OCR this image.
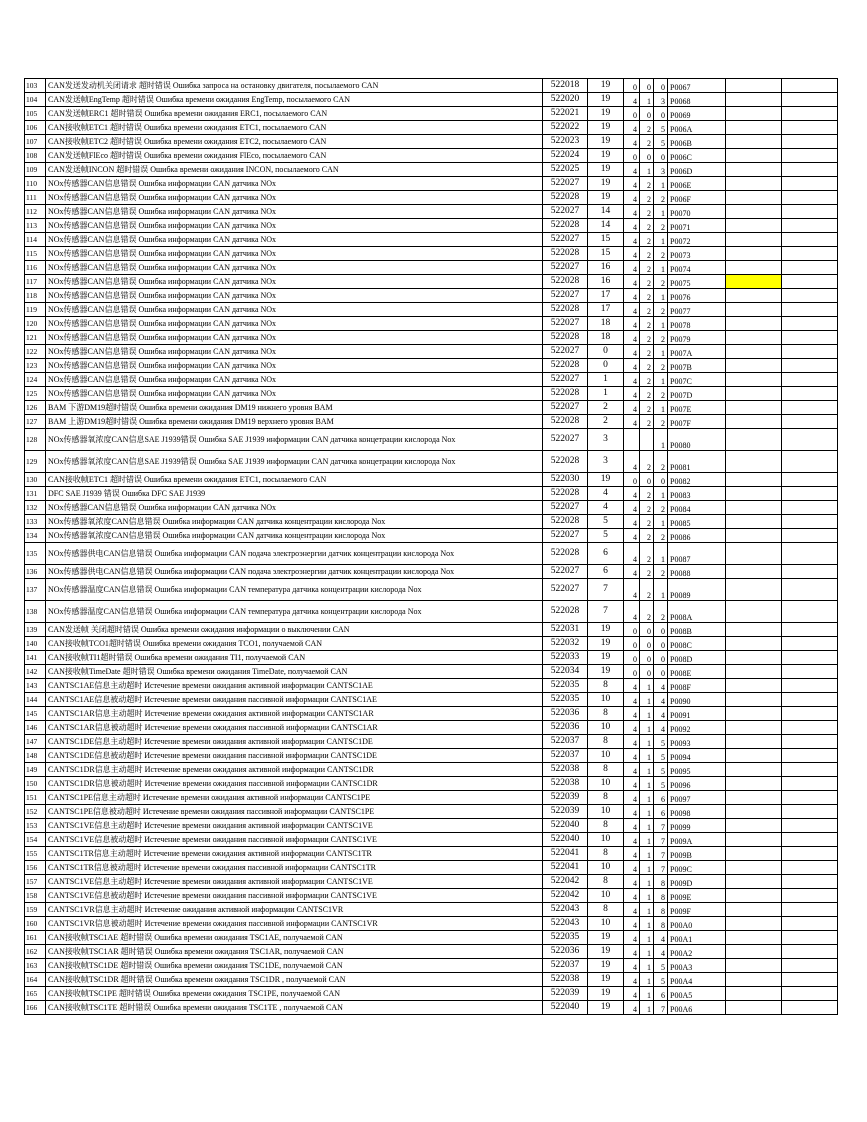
103	CAN发送发动机关闭请求 超时错误 Ошибка запроса на остановку двигателя, посылаемого CAN	522018	19	0	0	0	P0067		
104	CAN发送帧EngTemp 超时错误 Ошибка времени ожидания EngTemp, посылаемого CAN	522020	19	4	1	3	P0068		
105	CAN发送帧ERC1 超时错误 Ошибка времени ожидания ERC1, посылаемого CAN	522021	19	0	0	0	P0069		
106	CAN接收帧ETC1 超时错误 Ошибка времени ожидания ETC1, посылаемого CAN	522022	19	4	2	5	P006A		
107	CAN接收帧ETC2 超时错误 Ошибка времени ожидания ETC2, посылаемого CAN	522023	19	4	2	5	P006B		
108	CAN发送帧FlEco 超时错误 Ошибка времени ожидания FlEco, посылаемого CAN	522024	19	0	0	0	P006C		
109	CAN发送帧INCON 超时错误 Ошибка времени ожидания INCON, посылаемого CAN	522025	19	4	1	3	P006D		
110	NOx传感器CAN信息错误 Ошибка информации CAN датчика NOx	522027	19	4	2	1	P006E		
111	NOx传感器CAN信息错误 Ошибка информации CAN датчика NOx	522028	19	4	2	2	P006F		
112	NOx传感器CAN信息错误 Ошибка информации CAN датчика NOx	522027	14	4	2	1	P0070		
113	NOx传感器CAN信息错误 Ошибка информации CAN датчика NOx	522028	14	4	2	2	P0071		
114	NOx传感器CAN信息错误 Ошибка информации CAN датчика NOx	522027	15	4	2	1	P0072		
115	NOx传感器CAN信息错误 Ошибка информации CAN датчика NOx	522028	15	4	2	2	P0073		
116	NOx传感器CAN信息错误 Ошибка информации CAN датчика NOx	522027	16	4	2	1	P0074		
117	NOx传感器CAN信息错误 Ошибка информации CAN датчика NOx	522028	16	4	2	2	P0075		
118	NOx传感器CAN信息错误 Ошибка информации CAN датчика NOx	522027	17	4	2	1	P0076		
119	NOx传感器CAN信息错误 Ошибка информации CAN датчика NOx	522028	17	4	2	2	P0077		
120	NOx传感器CAN信息错误 Ошибка информации CAN датчика NOx	522027	18	4	2	1	P0078		
121	NOx传感器CAN信息错误 Ошибка информации CAN датчика NOx	522028	18	4	2	2	P0079		
122	NOx传感器CAN信息错误 Ошибка информации CAN датчика NOx	522027	0	4	2	1	P007A		
123	NOx传感器CAN信息错误 Ошибка информации CAN датчика NOx	522028	0	4	2	2	P007B		
124	NOx传感器CAN信息错误 Ошибка информации CAN датчика NOx	522027	1	4	2	1	P007C		
125	NOx传感器CAN信息错误 Ошибка информации CAN датчика NOx	522028	1	4	2	2	P007D		
126	BAM 下游DM19超时错误 Ошибка времени ожидания DM19 нижнего уровня BAM	522027	2	4	2	1	P007E		
127	BAM 上游DM19超时错误 Ошибка времени ожидания DM19 верхнего уровня BAM	522028	2	4	2	2	P007F		
128	NOx传感器氧浓度CAN信息SAE J1939错误 Ошибка SAE J1939 информации CAN датчика концетрации кислорода Nox	522027	3			1	P0080		
129	NOx传感器氧浓度CAN信息SAE J1939错误 Ошибка SAE J1939 информации CAN датчика концетрации кислорода Nox	522028	3	4	2	2	P0081		
130	CAN接收帧ETC1 超时错误 Ошибка времени ожидания ETC1, посылаемого CAN	522030	19	0	0	0	P0082		
131	DFC SAE J1939 错误 Ошибка DFC SAE J1939	522028	4	4	2	1	P0083		
132	NOx传感器CAN信息错误 Ошибка информации CAN датчика NOx	522027	4	4	2	2	P0084		
133	NOx传感器氧浓度CAN信息错误 Ошибка информации CAN датчика концентрации кислорода Nox	522028	5	4	2	1	P0085		
134	NOx传感器氧浓度CAN信息错误 Ошибка информации CAN датчика концентрации кислорода Nox	522027	5	4	2	2	P0086		
135	NOx传感器供电CAN信息错误 Ошибка информации CAN подача электроэнергии датчик концентрации кислорода Nox	522028	6	4	2	1	P0087		
136	NOx传感器供电CAN信息错误 Ошибка информации CAN подача электроэнергии датчик концентрации кислорода Nox	522027	6	4	2	2	P0088		
137	NOx传感器温度CAN信息错误 Ошибка информации CAN температура датчика концентрации кислорода Nox	522027	7	4	2	1	P0089		
138	NOx传感器温度CAN信息错误 Ошибка информации CAN температура датчика концентрации кислорода Nox	522028	7	4	2	2	P008A		
139	CAN发送帧 关闭超时错误 Ошибка времени ожидания информации о выключении CAN	522031	19	0	0	0	P008B		
140	CAN接收帧TCO1超时错误 Ошибка времени ожидания TCO1, получаемой CAN	522032	19	0	0	0	P008C		
141	CAN接收帧TI1超时错误 Ошибка времени ожидания TI1, получаемой CAN	522033	19	0	0	0	P008D		
142	CAN接收帧TimeDate 超时错误 Ошибка времени ожидания TimeDate, получаемой CAN	522034	19	0	0	0	P008E		
143	CANTSC1AE信息主动超时 Истечение времени ожидания активной информации CANTSC1AE	522035	8	4	1	4	P008F		
144	CANTSC1AE信息被动超时 Истечение времени ожидания пассивной информации CANTSC1AE	522035	10	4	1	4	P0090		
145	CANTSC1AR信息主动超时 Истечение времени ожидания активной информации CANTSC1AR	522036	8	4	1	4	P0091		
146	CANTSC1AR信息被动超时 Истечение времени ожидания пассивной информации CANTSC1AR	522036	10	4	1	4	P0092		
147	CANTSC1DE信息主动超时 Истечение времени ожидания активной информации CANTSC1DE	522037	8	4	1	5	P0093		
148	CANTSC1DE信息被动超时 Истечение времени ожидания пассивной информации CANTSC1DE	522037	10	4	1	5	P0094		
149	CANTSC1DR信息主动超时 Истечение времени ожидания активной информации CANTSC1DR	522038	8	4	1	5	P0095		
150	CANTSC1DR信息被动超时 Истечение времени ожидания пассивной информации CANTSC1DR	522038	10	4	1	5	P0096		
151	CANTSC1PE信息主动超时 Истечение времени ожидания активной информации CANTSC1PE	522039	8	4	1	6	P0097		
152	CANTSC1PE信息被动超时 Истечение времени ожидания пассивной информации CANTSC1PE	522039	10	4	1	6	P0098		
153	CANTSC1VE信息主动超时 Истечение времени ожидания активной информации CANTSC1VE	522040	8	4	1	7	P0099		
154	CANTSC1VE信息被动超时 Истечение времени ожидания пассивной информации CANTSC1VE	522040	10	4	1	7	P009A		
155	CANTSC1TR信息主动超时 Истечение времени ожидания активной информации CANTSC1TR	522041	8	4	1	7	P009B		
156	CANTSC1TR信息被动超时 Истечение времени ожидания пассивной информации CANTSC1TR	522041	10	4	1	7	P009C		
157	CANTSC1VE信息主动超时 Истечение времени ожидания активной информации CANTSC1VE	522042	8	4	1	8	P009D		
158	CANTSC1VE信息被动超时 Истечение времени ожидания пассивной информации CANTSC1VE	522042	10	4	1	8	P009E		
159	CANTSC1VR信息主动超时 Истечение ожидания активной информации CANTSC1VR	522043	8	4	1	8	P009F		
160	CANTSC1VR信息被动超时 Истечение времени ожидания пассивной информации CANTSC1VR	522043	10	4	1	8	P00A0		
161	CAN接收帧TSC1AE 超时错误 Ошибка времени ожидания TSC1AE, получаемой CAN	522035	19	4	1	4	P00A1		
162	CAN接收帧TSC1AR 超时错误 Ошибка времени ожидания TSC1AR, получаемой CAN	522036	19	4	1	4	P00A2		
163	CAN接收帧TSC1DE 超时错误 Ошибка времени ожидания TSC1DE, получаемой CAN	522037	19	4	1	5	P00A3		
164	CAN接收帧TSC1DR 超时错误 Ошибка времени ожидания TSC1DR , получаемой CAN	522038	19	4	1	5	P00A4		
165	CAN接收帧TSC1PE 超时错误 Ошибка времени ожидания TSC1PE, получаемой CAN	522039	19	4	1	6	P00A5		
166	CAN接收帧TSC1TE 超时错误 Ошибка времени ожидания TSC1TE , получаемой CAN	522040	19	4	1	7	P00A6		
